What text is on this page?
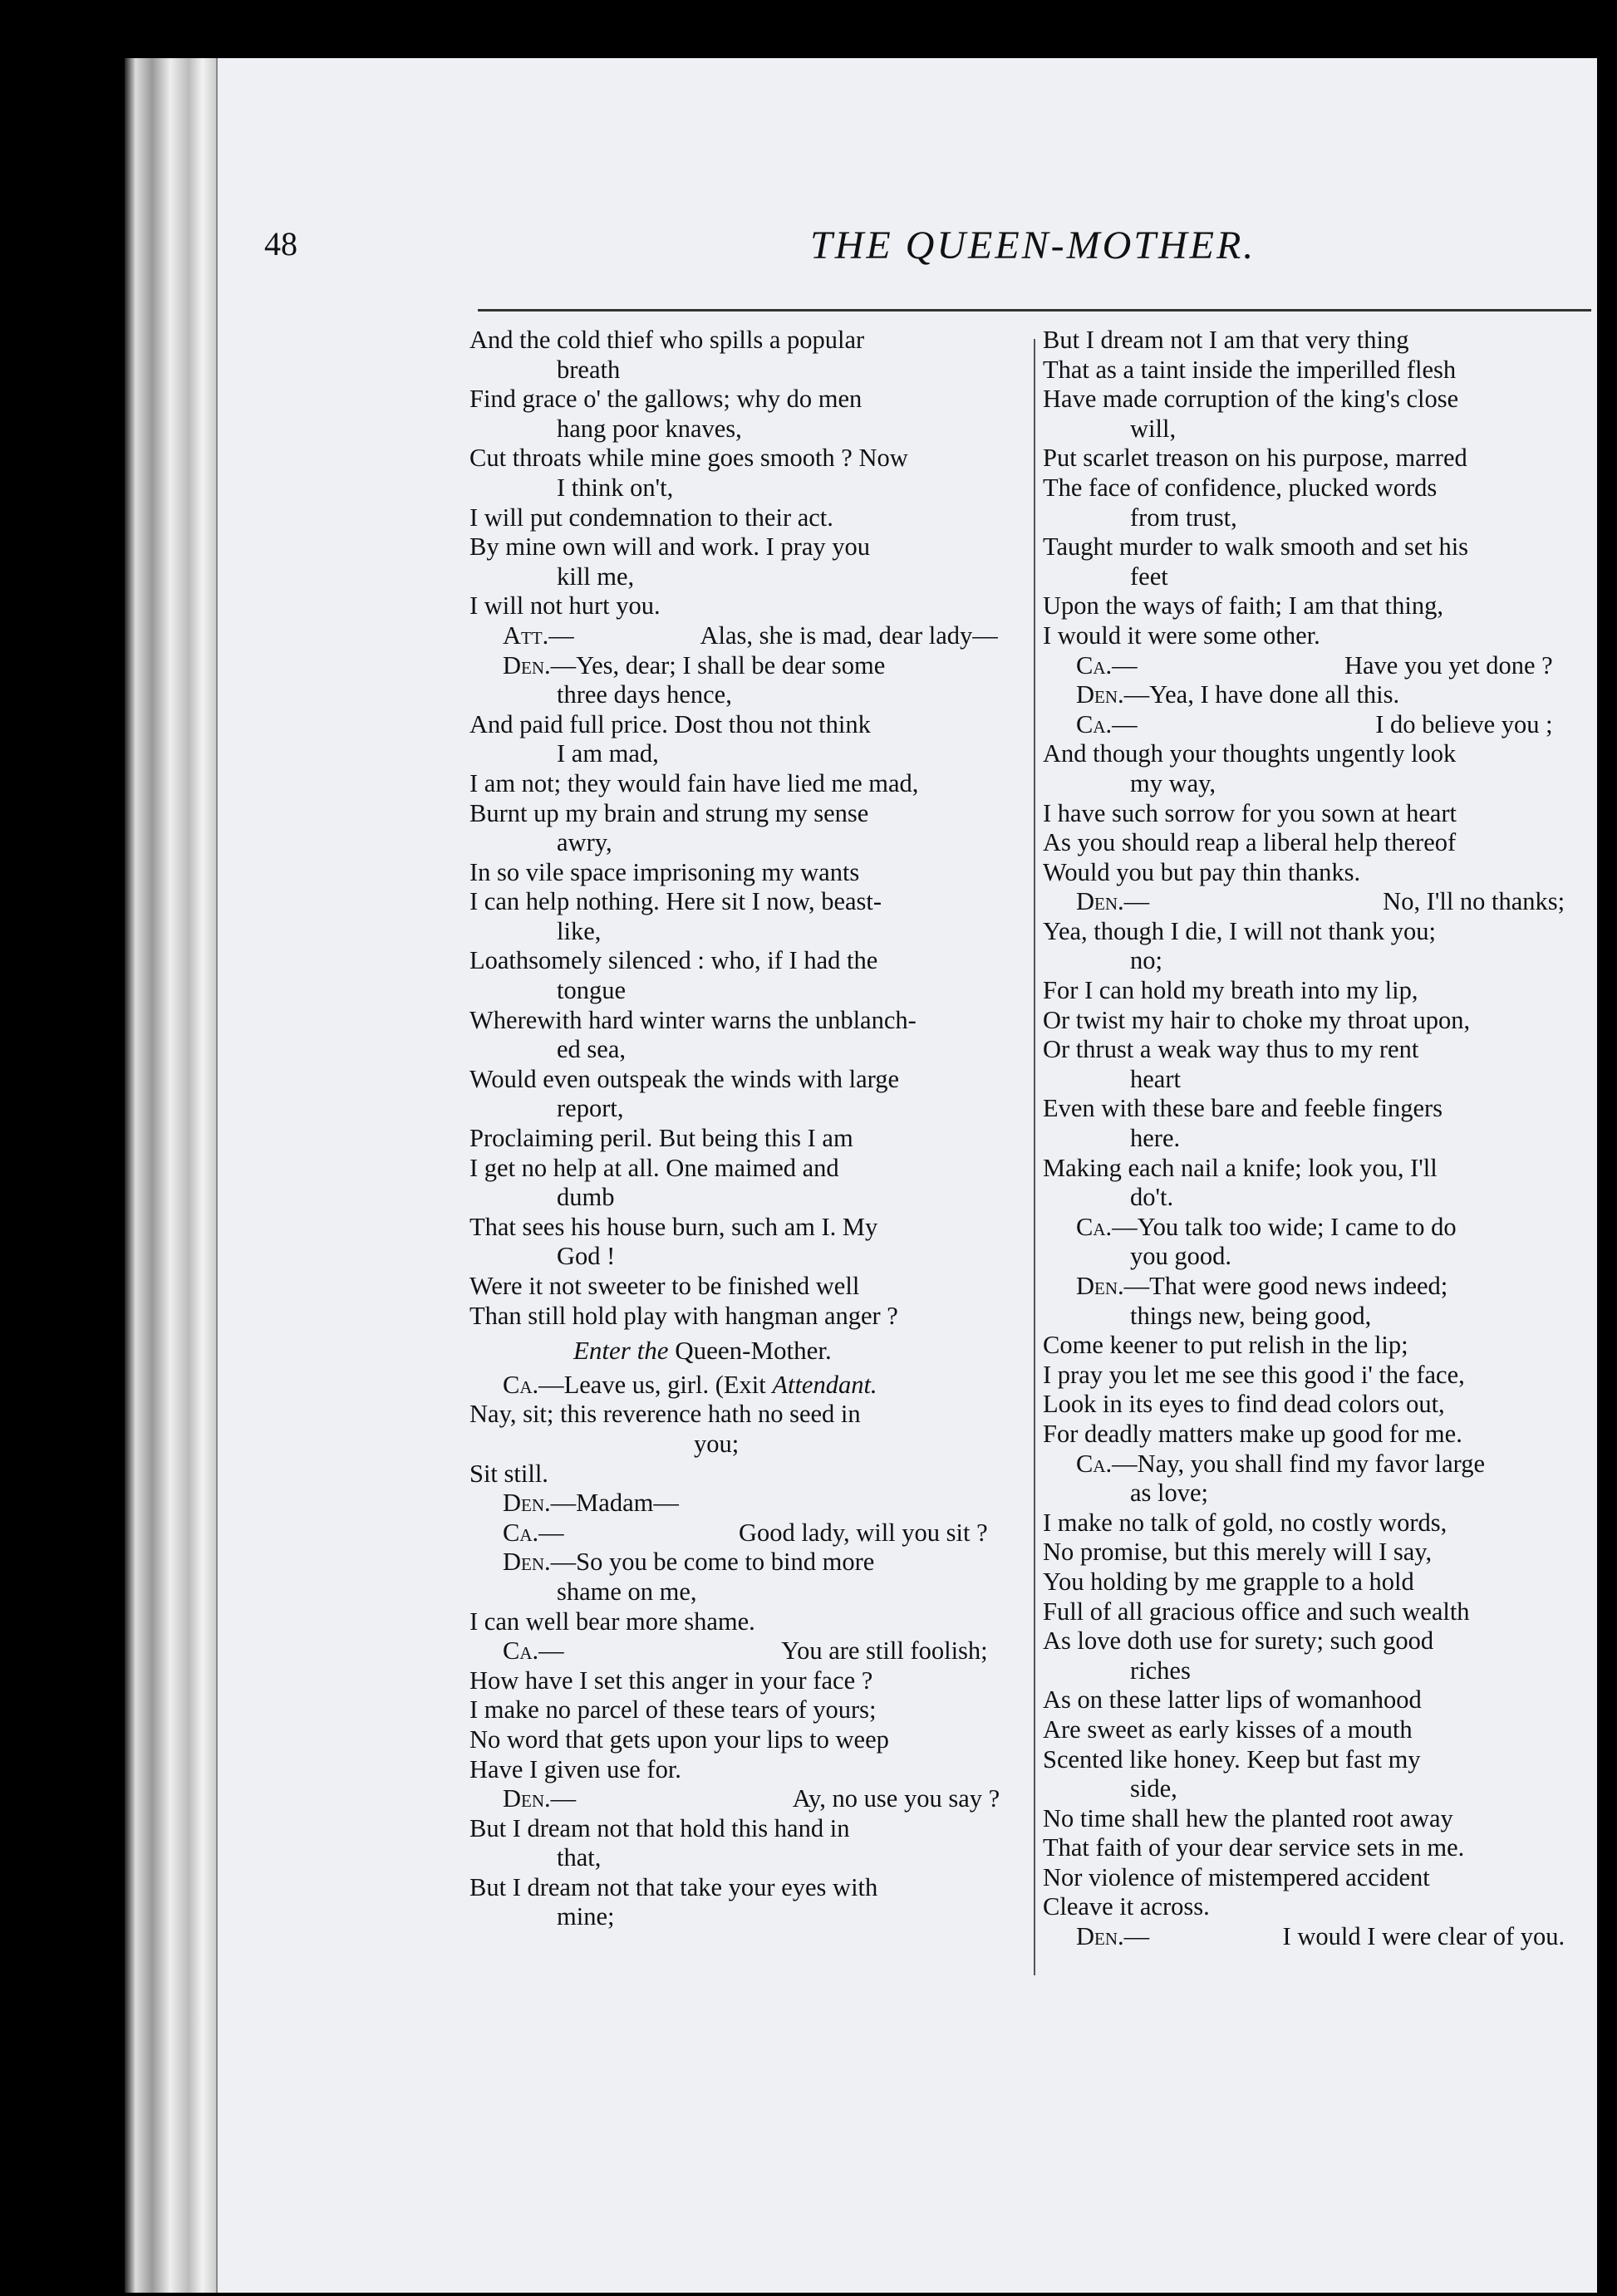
48	THE QUEEN-MOTHER.
And the cold thief who spills a popular
breath
Find grace o' the gallows; why do men
hang poor knaves,
Cut throats while mine goes smooth ? Now
I think on't,
I will put condemnation to their act.
By mine own will and work. I pray you
kill me,
I will not hurt you.
Att.—	Alas, she is mad, dear lady—
Den.—Yes, dear; I shall be dear some
three days hence,
And paid full price. Dost thou not think
I am mad,
I am not; they would fain have lied me mad,
Burnt up my brain and strung my sense
awry,
In so vile space imprisoning my wants
I can help nothing. Here sit I now, beast-
like,
Loathsomely silenced : who, if I had the
tongue
Wherewith hard winter warns the unblanch-
ed sea,
Would even outspeak the winds with large
report,
Proclaiming peril. But being this I am
I get no help at all. One maimed and
dumb
That sees his house burn, such am I. My
God !
Were it not sweeter to be finished well
Than still hold play with hangman anger ?
Enter the Queen-Mother.
Ca.—Leave us, girl. (Exit Attendant.
Nay, sit; this reverence hath no seed in
you;
Sit still.
Den.—Madam—
Ca.—	Good lady, will you sit ?
Den.—So you be come to bind more
shame on me,
I can well bear more shame.
Ca.—	You are still foolish;
How have I set this anger in your face ?
I make no parcel of these tears of yours;
No word that gets upon your lips to weep
Have I given use for.
Den.—	Ay, no use you say ?
But I dream not that hold this hand in
that,
But I dream not that take your eyes with
mine;
But I dream not I am that very thing
That as a taint inside the imperilled flesh
Have made corruption of the king's close
will,
Put scarlet treason on his purpose, marred
The face of confidence, plucked words
from trust,
Taught murder to walk smooth and set his
feet
Upon the ways of faith; I am that thing,
I would it were some other.
Ca.—	Have you yet done ?
Den.—Yea, I have done all this.
Ca.—	I do believe you ;
And though your thoughts ungently look
my way,
I have such sorrow for you sown at heart
As you should reap a liberal help thereof
Would you but pay thin thanks.
Den.—	No, I'll no thanks;
Yea, though I die, I will not thank you;
no;
For I can hold my breath into my lip,
Or twist my hair to choke my throat upon,
Or thrust a weak way thus to my rent
heart
Even with these bare and feeble fingers
here.
Making each nail a knife; look you, I'll
do't.
Ca.—You talk too wide; I came to do
you good.
Den.—That were good news indeed;
things new, being good,
Come keener to put relish in the lip;
I pray you let me see this good i' the face,
Look in its eyes to find dead colors out,
For deadly matters make up good for me.
Ca.—Nay, you shall find my favor large
as love;
I make no talk of gold, no costly words,
No promise, but this merely will I say,
You holding by me grapple to a hold
Full of all gracious office and such wealth
As love doth use for surety; such good
riches
As on these latter lips of womanhood
Are sweet as early kisses of a mouth
Scented like honey. Keep but fast my
side,
No time shall hew the planted root away
That faith of your dear service sets in me.
Nor violence of mistempered accident
Cleave it across.
Den.—	I would I were clear of you.
